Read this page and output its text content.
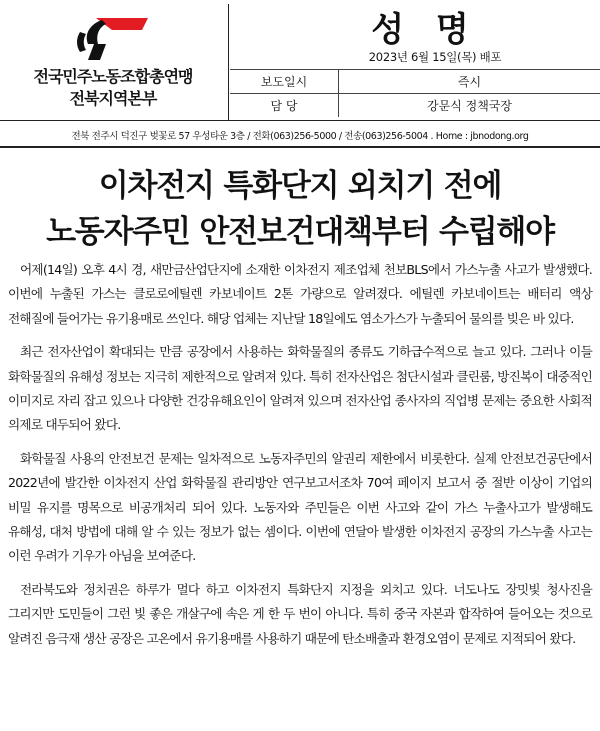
전국민주노동조합총연맹
전북지역본부
성 명
2023년 6월 15일(목) 배포
보도일시	즉시
담 당	강문식 정책국장
전북 전주시 덕진구 벚꽃로 57 우성타운 3층 / 전화(063)256-5000 / 전송(063)256-5004 . Home : jbnodong.org
이차전지 특화단지 외치기 전에
노동자주민 안전보건대책부터 수립해야

어제(14일) 오후 4시 경, 새만금산업단지에 소재한 이차전지 제조업체 천보BLS에서 가스누출 사고가 발생했다. 이번에 누출된 가스는 클로로에틸렌 카보네이트 2톤 가량으로 알려졌다. 에틸렌 카보네이트는 배터리 액상 전해질에 들어가는 유기용매로 쓰인다. 해당 업체는 지난달 18일에도 염소가스가 누출되어 물의를 빚은 바 있다.

최근 전자산업이 확대되는 만큼 공장에서 사용하는 화학물질의 종류도 기하급수적으로 늘고 있다. 그러나 이들 화학물질의 유해성 정보는 지극히 제한적으로 알려져 있다. 특히 전자산업은 첨단시설과 클린룸, 방진복이 대중적인 이미지로 자리 잡고 있으나 다양한 건강유해요인이 알려져 있으며 전자산업 종사자의 직업병 문제는 중요한 사회적 의제로 대두되어 왔다.

화학물질 사용의 안전보건 문제는 일차적으로 노동자주민의 알권리 제한에서 비롯한다. 실제 안전보건공단에서 2022년에 발간한 이차전지 산업 화학물질 관리방안 연구보고서조차 70여 페이지 보고서 중 절반 이상이 기업의 비밀 유지를 명목으로 비공개처리 되어 있다. 노동자와 주민들은 이번 사고와 같이 가스 누출사고가 발생해도 유해성, 대처 방법에 대해 알 수 있는 정보가 없는 셈이다. 이번에 연달아 발생한 이차전지 공장의 가스누출 사고는 이런 우려가 기우가 아님을 보여준다.

전라북도와 정치권은 하루가 멀다 하고 이차전지 특화단지 지정을 외치고 있다. 너도나도 장밋빛 청사진을 그리지만 도민들이 그런 빛 좋은 개살구에 속은 게 한 두 번이 아니다. 특히 중국 자본과 합작하여 들어오는 것으로 알려진 음극재 생산 공장은 고온에서 유기용매를 사용하기 때문에 탄소배출과 환경오염이 문제로 지적되어 왔다.
